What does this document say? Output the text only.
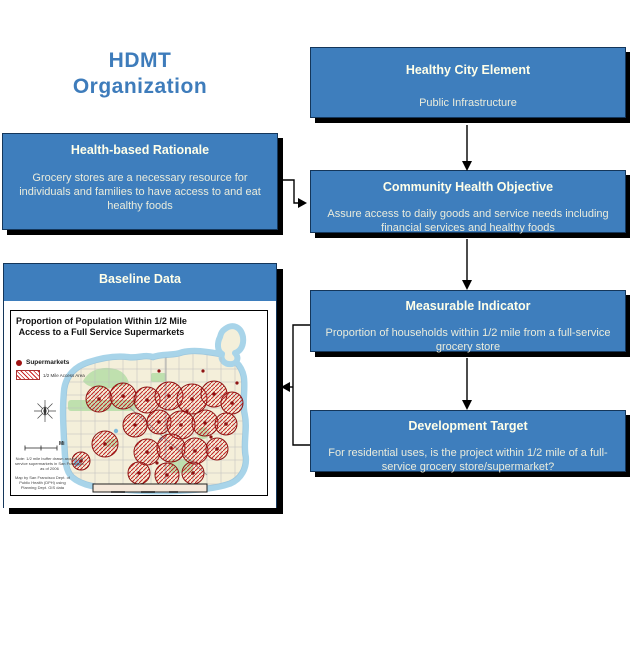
HDMT
Organization
Healthy City Element
Public Infrastructure
Community Health Objective
Assure access to daily goods and service needs including financial services and healthy foods
Measurable Indicator
Proportion of households within 1/2 mile from a full-service grocery store
Development Target
For residential uses, is the project within 1/2 mile of a full-service grocery store/supermarket?
Health-based Rationale
Grocery stores are a necessary resource for individuals and families to have access to and eat healthy foods
Baseline Data
Proportion of Population Within 1/2 Mile
Access to a Full Service Supermarkets
Supermarkets
1/2 Mile Access Area
Note: 1/2 mile buffer drawn around full
service supermarkets in San Francisco
as of 2006
Map by San Francisco Dept. of
Public Health (DPH) using
Planning Dept. GIS data
Mi
